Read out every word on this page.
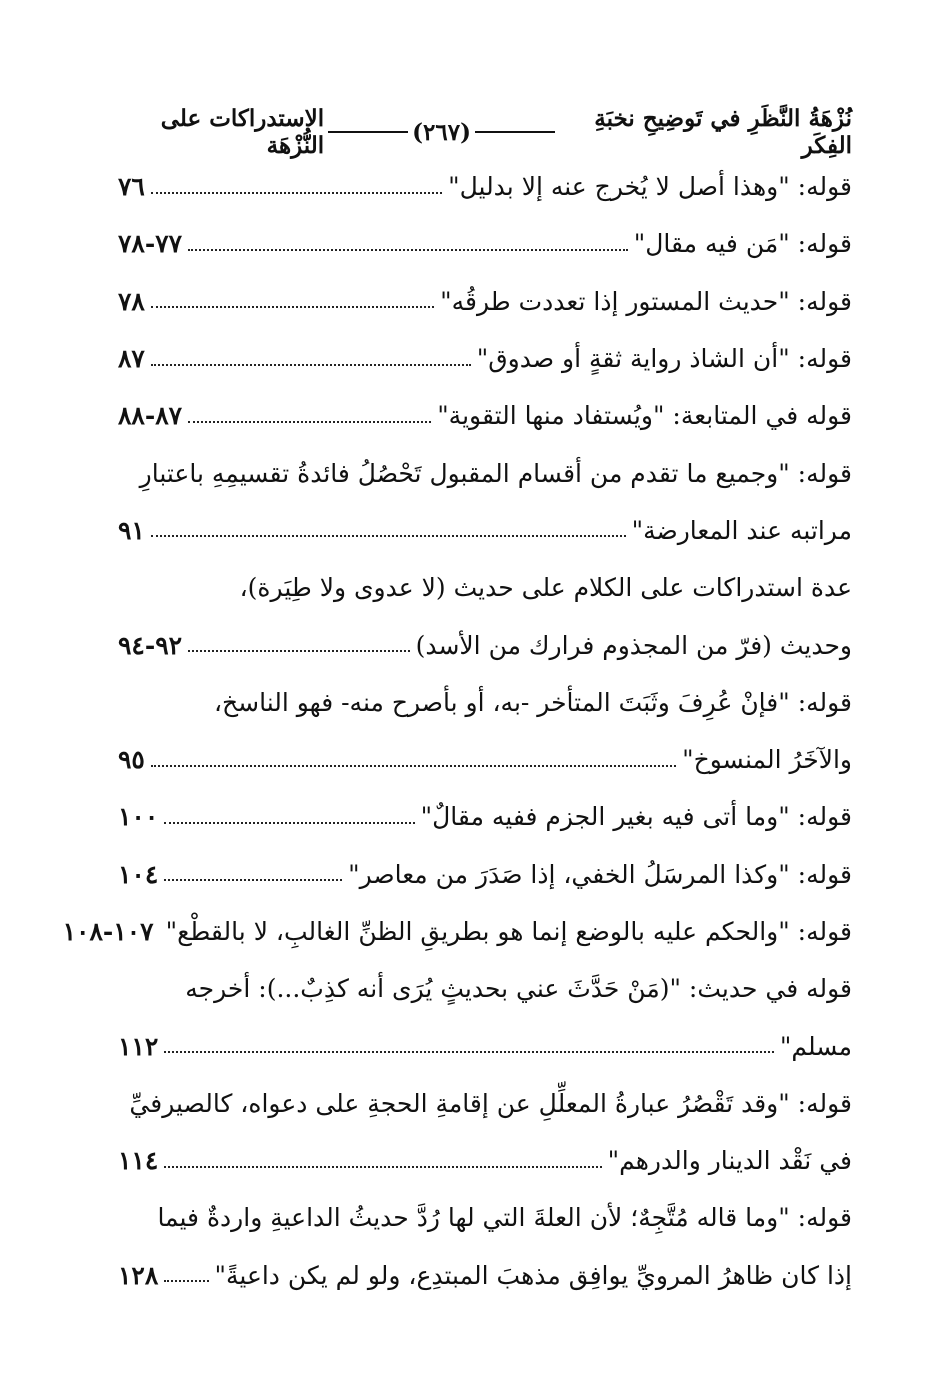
نُزْهَةُ النَّظَرِ في تَوضِيحِ نخبَةِ الفِكَر
(٢٦٧)
الاستدراكات على النُّزْهَة
قوله: "وهذا أصل لا يُخرج عنه إلا بدليل"
٧٦
قوله: "مَن فيه مقال"
٧٧-٧٨
قوله: "حديث المستور إذا تعددت طرقُه"
٧٨
قوله: "أن الشاذ رواية ثقةٍ أو صدوق"
٨٧
قوله في المتابعة: "ويُستفاد منها التقوية"
٨٧-٨٨
قوله: "وجميع ما تقدم من أقسام المقبول تَحْصُلُ فائدةُ تقسيمِهِ باعتبارِ
مراتبه عند المعارضة"
٩١
عدة استدراكات على الكلام على حديث (لا عدوى ولا طِيَرة)،
وحديث (فرّ من المجذوم فرارك من الأسد)
٩٢-٩٤
قوله: "فإنْ عُرِفَ وثَبَتَ المتأخر -به، أو بأصرح منه- فهو الناسخ،
والآخَرُ المنسوخ"
٩٥
قوله: "وما أتى فيه بغير الجزم ففيه مقالٌ"
١٠٠
قوله: "وكذا المرسَلُ الخفي، إذا صَدَرَ من معاصر"
١٠٤
قوله: "والحكم عليه بالوضع إنما هو بطريقِ الظنِّ الغالبِ، لا بالقطْع"
١٠٧-١٠٨
قوله في حديث: "(مَنْ حَدَّثَ عني بحديثٍ يُرَى أنه كذِبٌ...): أخرجه
مسلم"
١١٢
قوله: "وقد تَقْصُرُ عبارةُ المعلِّلِ عن إقامةِ الحجةِ على دعواه، كالصيرفيِّ
في نَقْد الدينار والدرهم"
١١٤
قوله: "وما قاله مُتَّجِهٌ؛ لأن العلةَ التي لها رُدَّ حديثُ الداعيةِ واردةٌ فيما
إذا كان ظاهرُ المرويِّ يوافِق مذهبَ المبتدِع، ولو لم يكن داعيةً"
١٢٨
